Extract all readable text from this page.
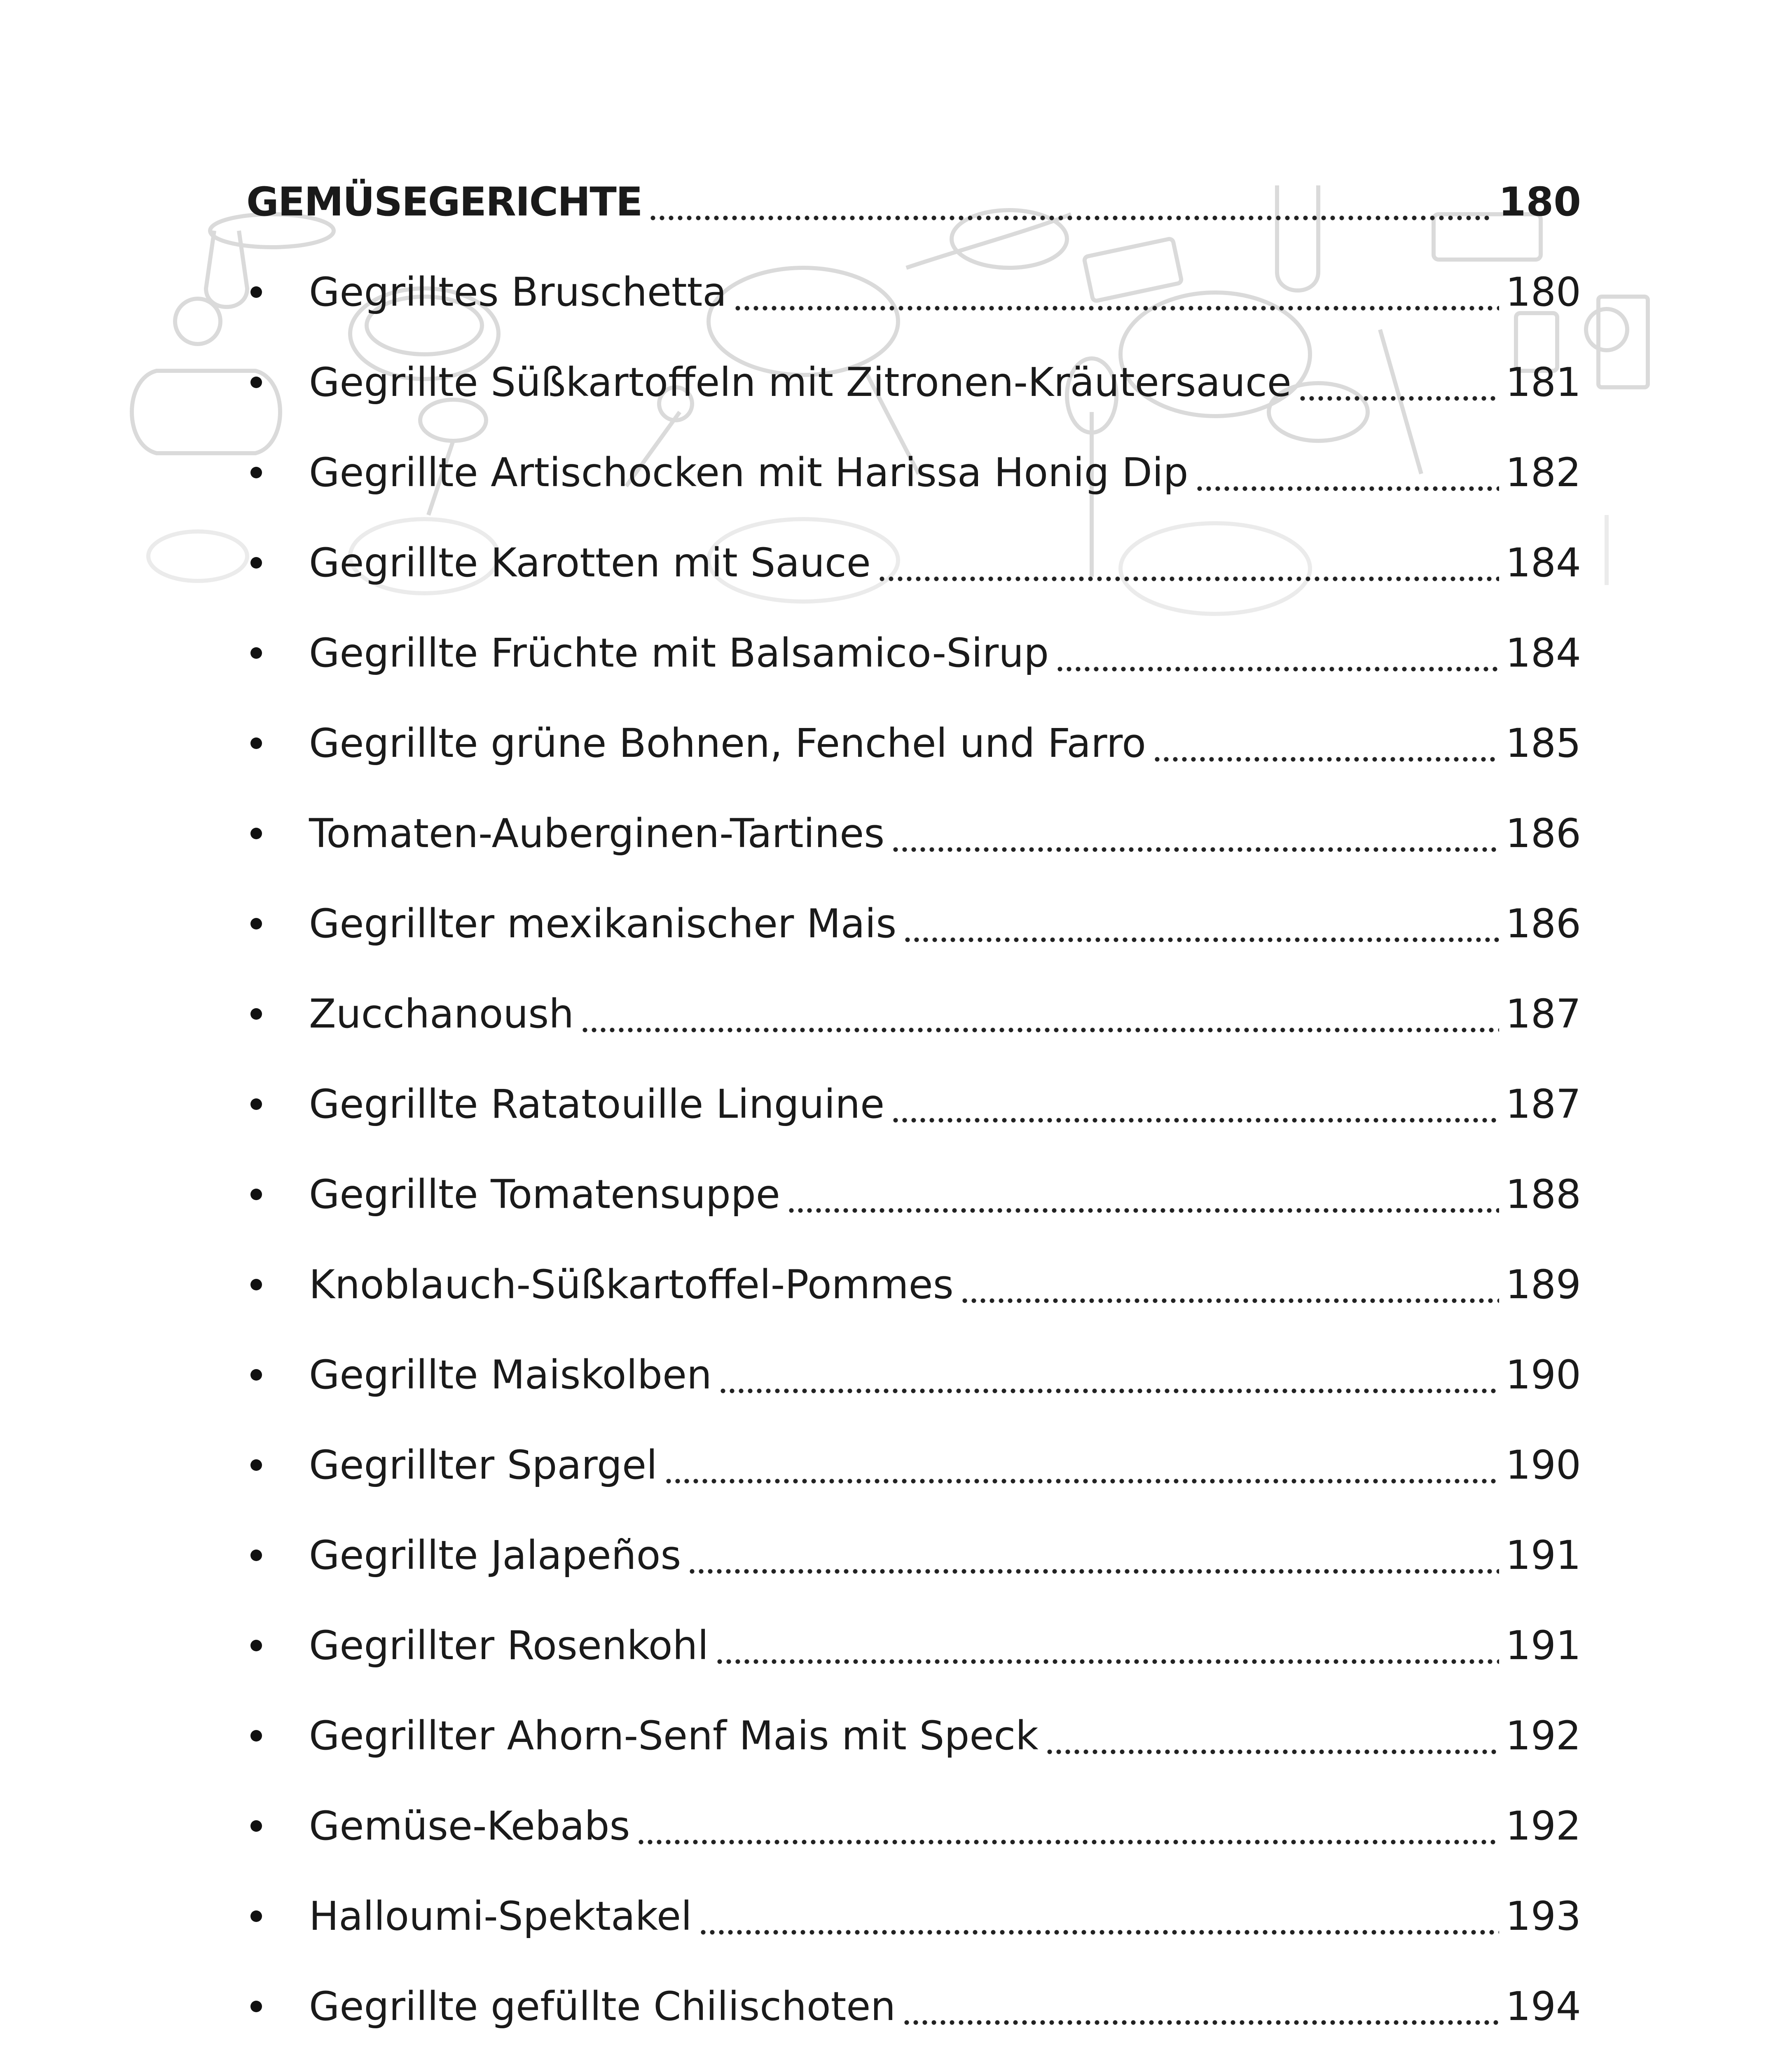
GEMÜSEGERICHTE	180
Gegrilltes Bruschetta	180
Gegrillte Süßkartoffeln mit Zitronen-Kräutersauce	181
Gegrillte Artischocken mit Harissa Honig Dip	182
Gegrillte Karotten mit Sauce	184
Gegrillte Früchte mit Balsamico-Sirup	184
Gegrillte grüne Bohnen, Fenchel und Farro	185
Tomaten-Auberginen-Tartines	186
Gegrillter mexikanischer Mais	186
Zucchanoush	187
Gegrillte Ratatouille Linguine	187
Gegrillte Tomatensuppe	188
Knoblauch-Süßkartoffel-Pommes	189
Gegrillte Maiskolben	190
Gegrillter Spargel	190
Gegrillte Jalapeños	191
Gegrillter Rosenkohl	191
Gegrillter Ahorn-Senf Mais mit Speck	192
Gemüse-Kebabs	192
Halloumi-Spektakel	193
Gegrillte gefüllte Chilischoten	194
